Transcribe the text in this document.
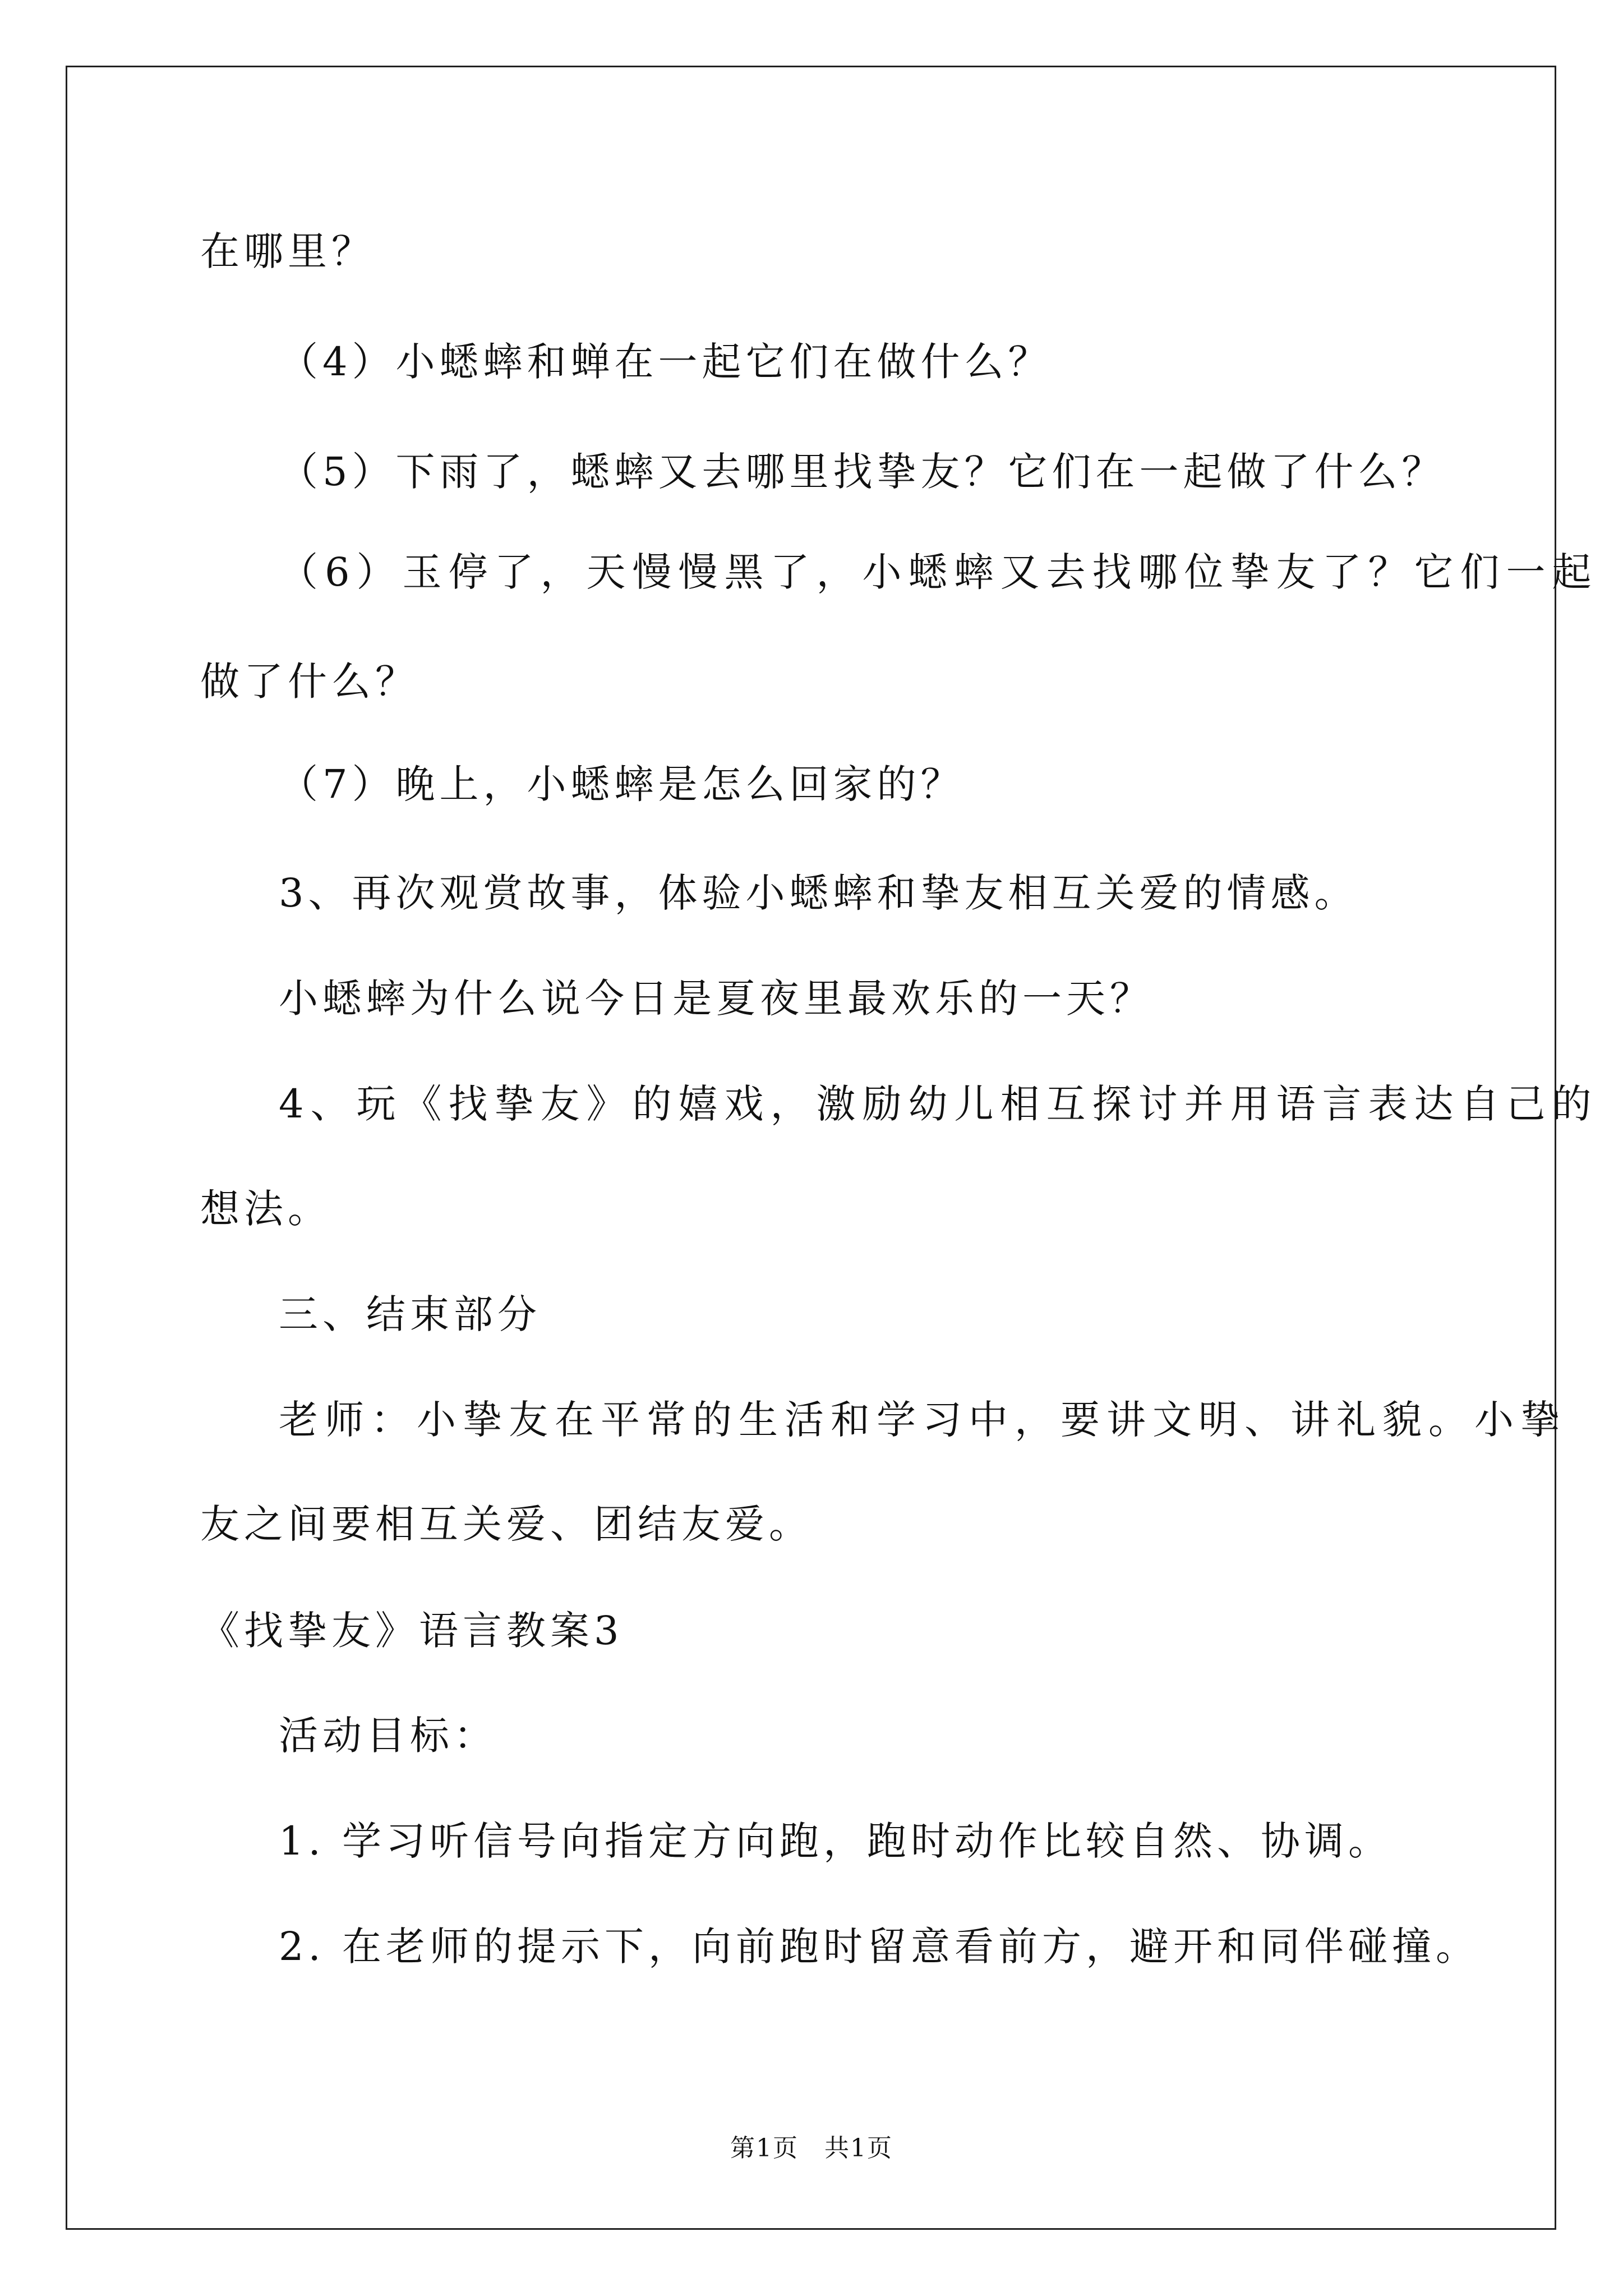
在哪里？
（4）小蟋蟀和蝉在一起它们在做什么？
（5）下雨了，蟋蟀又去哪里找挚友？它们在一起做了什么？
（6）玉停了，天慢慢黑了，小蟋蟀又去找哪位挚友了？它们一起
做了什么？
（7）晚上，小蟋蟀是怎么回家的？
3、再次观赏故事，体验小蟋蟀和挚友相互关爱的情感。
小蟋蟀为什么说今日是夏夜里最欢乐的一天？
4、玩《找挚友》的嬉戏，激励幼儿相互探讨并用语言表达自己的
想法。
三、结束部分
老师：小挚友在平常的生活和学习中，要讲文明、讲礼貌。小挚
友之间要相互关爱、团结友爱。
《找挚友》语言教案3
活动目标：
1. 学习听信号向指定方向跑，跑时动作比较自然、协调。
2. 在老师的提示下，向前跑时留意看前方，避开和同伴碰撞。
第1页　共1页
